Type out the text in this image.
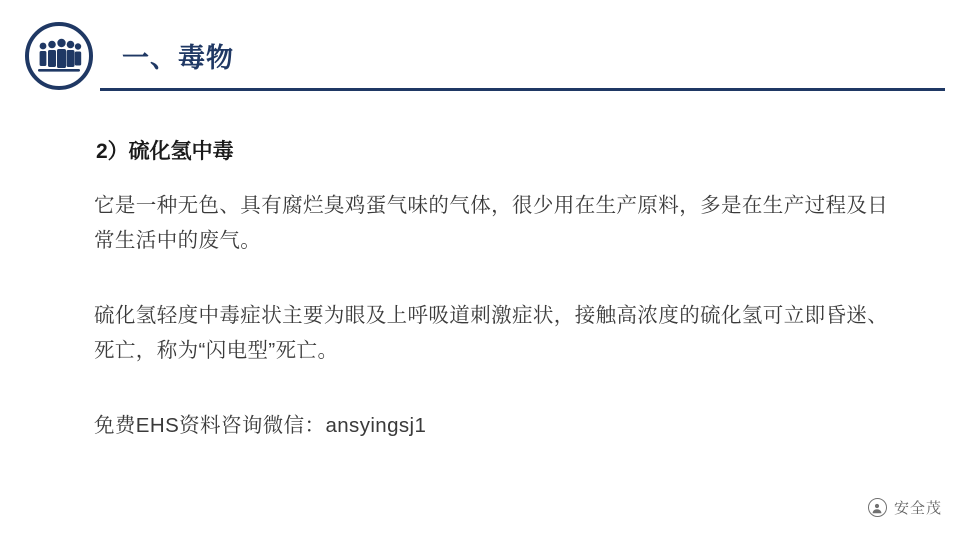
一、毒物
2）硫化氢中毒
它是一种无色、具有腐烂臭鸡蛋气味的气体，很少用在生产原料，多是在生产过程及日常生活中的废气。
硫化氢轻度中毒症状主要为眼及上呼吸道刺激症状，接触高浓度的硫化氢可立即昏迷、死亡，称为“闪电型”死亡。
免费EHS资料咨询微信：ansyingsj1
安全茂
